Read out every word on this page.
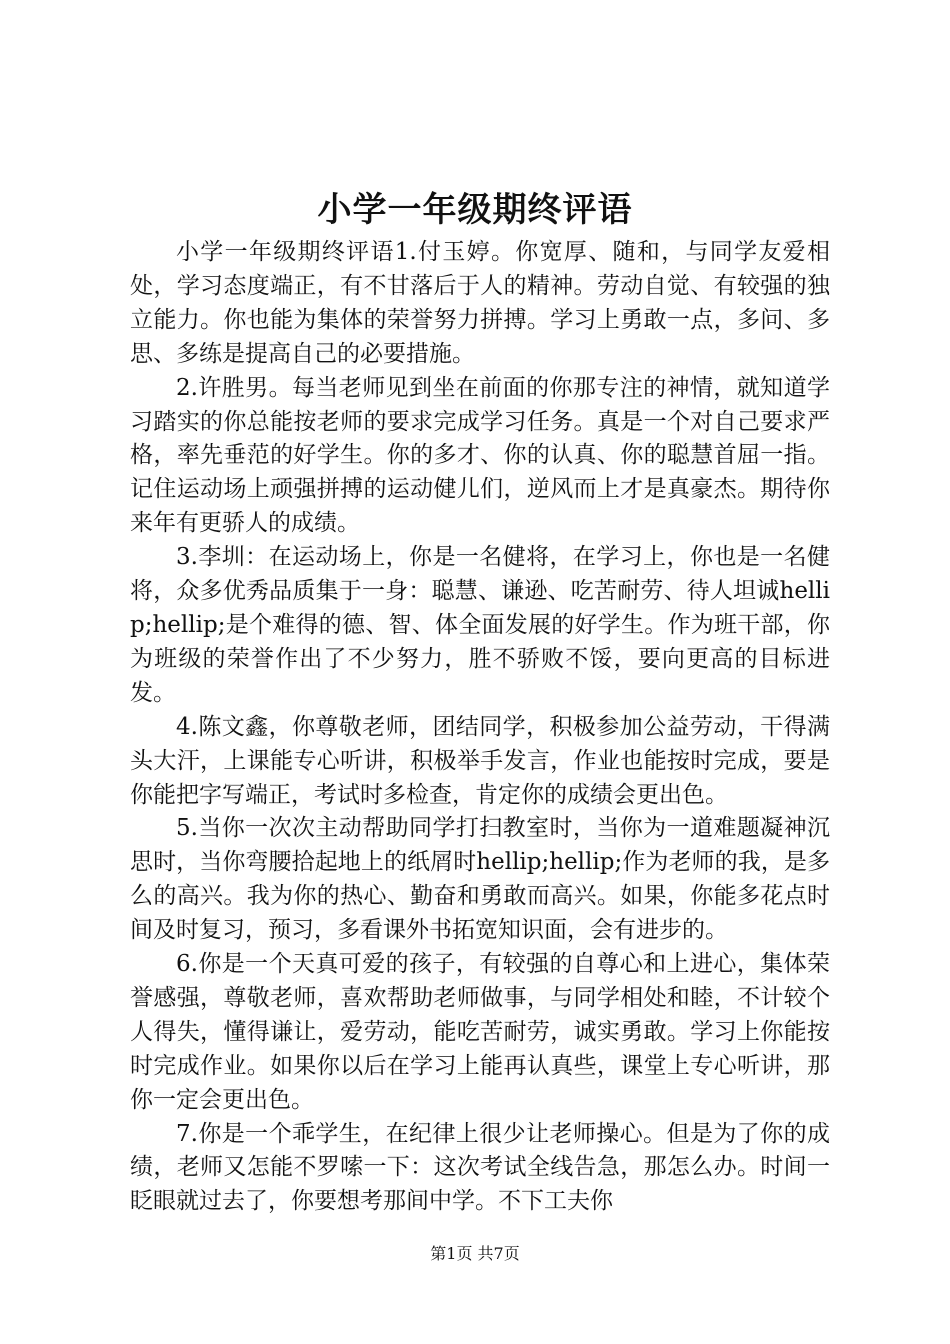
小学一年级期终评语

小学一年级期终评语1.付玉婷。你宽厚、随和，与同学友爱相处，学习态度端正，有不甘落后于人的精神。劳动自觉、有较强的独立能力。你也能为集体的荣誉努力拼搏。学习上勇敢一点，多问、多思、多练是提高自己的必要措施。

2.许胜男。每当老师见到坐在前面的你那专注的神情，就知道学习踏实的你总能按老师的要求完成学习任务。真是一个对自己要求严格，率先垂范的好学生。你的多才、你的认真、你的聪慧首屈一指。记住运动场上顽强拼搏的运动健儿们，逆风而上才是真豪杰。期待你来年有更骄人的成绩。

3.李圳：在运动场上，你是一名健将，在学习上，你也是一名健将，众多优秀品质集于一身：聪慧、谦逊、吃苦耐劳、待人坦诚hellip;hellip;是个难得的德、智、体全面发展的好学生。作为班干部，你为班级的荣誉作出了不少努力，胜不骄败不馁，要向更高的目标进发。

4.陈文鑫，你尊敬老师，团结同学，积极参加公益劳动，干得满头大汗，上课能专心听讲，积极举手发言，作业也能按时完成，要是你能把字写端正，考试时多检查，肯定你的成绩会更出色。

5.当你一次次主动帮助同学打扫教室时，当你为一道难题凝神沉思时，当你弯腰拾起地上的纸屑时hellip;hellip;作为老师的我，是多么的高兴。我为你的热心、勤奋和勇敢而高兴。如果，你能多花点时间及时复习，预习，多看课外书拓宽知识面，会有进步的。

6.你是一个天真可爱的孩子，有较强的自尊心和上进心，集体荣誉感强，尊敬老师，喜欢帮助老师做事，与同学相处和睦，不计较个人得失，懂得谦让，爱劳动，能吃苦耐劳，诚实勇敢。学习上你能按时完成作业。如果你以后在学习上能再认真些，课堂上专心听讲，那你一定会更出色。

7.你是一个乖学生，在纪律上很少让老师操心。但是为了你的成绩，老师又怎能不罗嗦一下：这次考试全线告急，那怎么办。时间一眨眼就过去了，你要想考那间中学。不下工夫你

第1页 共7页
